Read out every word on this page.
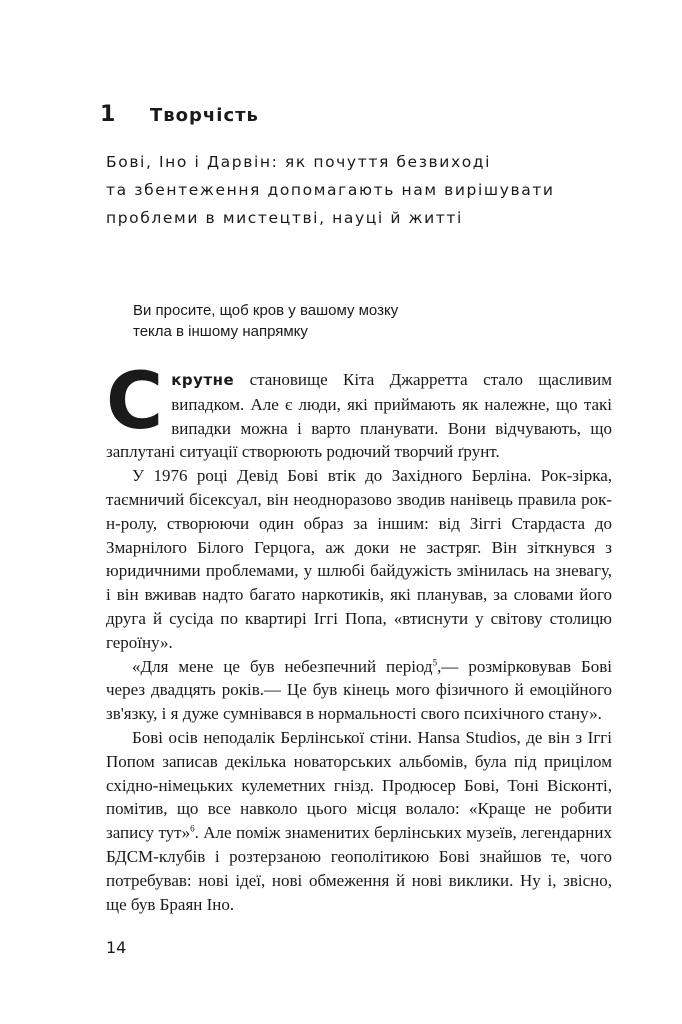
1	Творчість
Бові, Іно і Дарвін: як почуття безвиході
та збентеження допомагають нам вирішувати
проблеми в мистецтві, науці й житті
Ви просите, щоб кров у вашому мозку
текла в іншому напрямку

Скрутне становище Кіта Джарретта стало щасливим випадком. Але є люди, які приймають як належне, що такі випадки можна і варто планувати. Вони відчувають, що заплутані ситуації створюють родючий творчий ґрунт.

У 1976 році Девід Бові втік до Західного Берліна. Рок-зірка, таємничий бісексуал, він неодноразово зводив нанівець правила рок-н-ролу, створюючи один образ за іншим: від Зіггі Стардаста до Змарнілого Білого Герцога, аж доки не застряг. Він зіткнувся з юридичними проблемами, у шлюбі байдужість змінилась на зневагу, і він вживав надто багато наркотиків, які планував, за словами його друга й сусіда по квартирі Іггі Попа, «втиснути у світову столицю героїну».

«Для мене це був небезпечний період$^5$,— розмірковував Бові через двадцять років.— Це був кінець мого фізичного й емоційного зв'язку, і я дуже сумнівався в нормальності свого психічного стану».

Бові осів неподалік Берлінської стіни. Hansa Studios, де він з Іггі Попом записав декілька новаторських альбомів, була під прицілом східно-німецьких кулеметних гнізд. Продюсер Бові, Тоні Вісконті, помітив, що все навколо цього місця волало: «Краще не робити запису тут»$^6$. Але поміж знаменитих берлінських музеїв, легендарних БДСМ-клубів і розтерзаною геополітикою Бові знайшов те, чого потребував: нові ідеї, нові обмеження й нові виклики. Ну і, звісно, ще був Браян Іно.

14
